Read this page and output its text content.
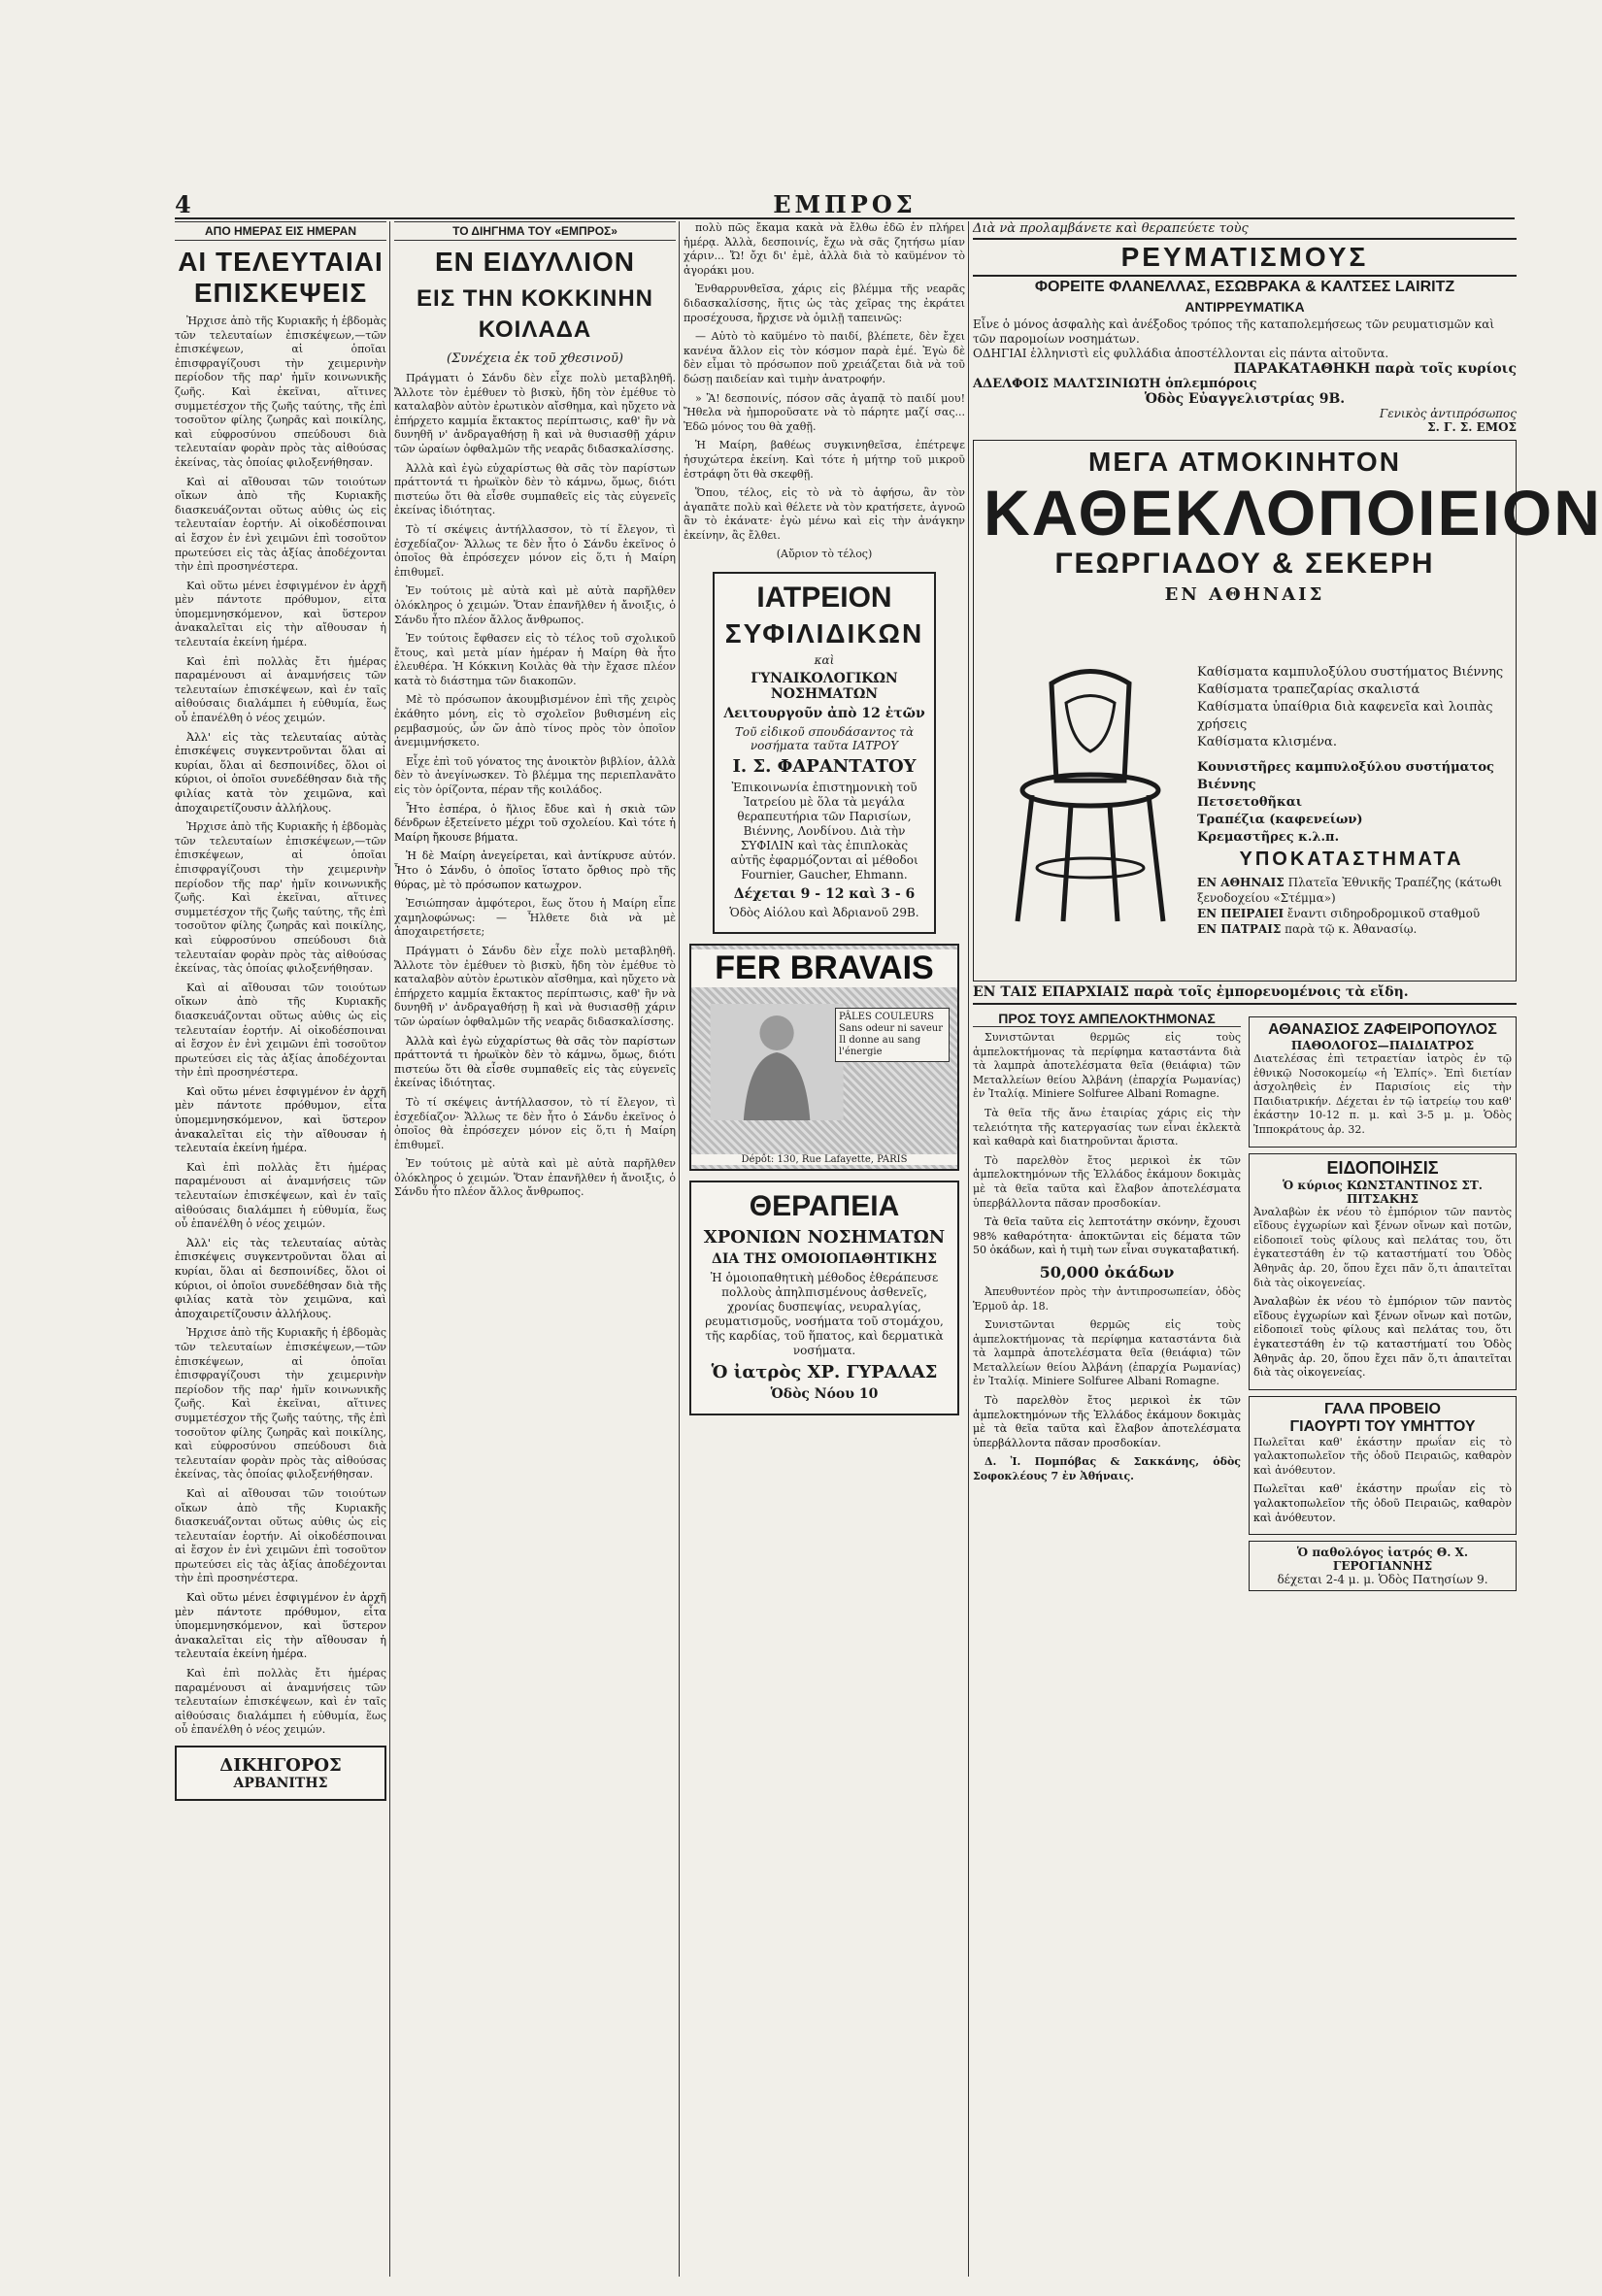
4	ΕΜΠΡΟΣ
ΑΠΟ ΗΜΕΡΑΣ ΕΙΣ ΗΜΕΡΑΝ
ΑΙ ΤΕΛΕΥΤΑΙΑΙ ΕΠΙΣΚΕΨΕΙΣ

Ἠρχισε ἀπὸ τῆς Κυριακῆς ἡ ἑβδομὰς τῶν τελευταίων ἐπισκέψεων,—τῶν ἐπισκέψεων, αἱ ὁποῖαι ἐπισφραγίζουσι τὴν χειμερινὴν περίοδον τῆς παρ' ἡμῖν κοινωνικῆς ζωῆς. Καὶ ἐκεῖναι, αἵτινες συμμετέσχον τῆς ζωῆς ταύτης, τῆς ἐπὶ τοσοῦτον φίλης ζωηρᾶς καὶ ποικίλης, καὶ εὐφροσύνου σπεύδουσι διὰ τελευταίαν φορὰν πρὸς τὰς αἰθούσας ἐκείνας, τὰς ὁποίας φιλοξενήθησαν.

Καὶ αἱ αἴθουσαι τῶν τοιούτων οἴκων ἀπὸ τῆς Κυριακῆς διασκευάζονται οὕτως αὐθις ὡς εἰς τελευταίαν ἑορτήν. Αἱ οἰκοδέσποιναι αἱ ἔσχον ἐν ἑνὶ χειμῶνι ἐπὶ τοσοῦτον πρωτεύσει εἰς τὰς ἀξίας ἀποδέχονται τὴν ἐπὶ προσηνέστερα.

Καὶ οὕτω μένει ἐσφιγμένον ἐν ἀρχῆ μὲν πάντοτε πρόθυμον, εἶτα ὑπομεμνησκόμενον, καὶ ὕστερον ἀνακαλεῖται εἰς τὴν αἴθουσαν ἡ τελευταία ἐκείνη ἡμέρα.

Καὶ ἐπὶ πολλὰς ἔτι ἡμέρας παραμένουσι αἱ ἀναμνήσεις τῶν τελευταίων ἐπισκέψεων, καὶ ἐν ταῖς αἰθούσαις διαλάμπει ἡ εὐθυμία, ἕως οὗ ἐπανέλθη ὁ νέος χειμών.

Ἀλλ' εἰς τὰς τελευταίας αὐτὰς ἐπισκέψεις συγκεντροῦνται ὅλαι αἱ κυρίαι, ὅλαι αἱ δεσποινίδες, ὅλοι οἱ κύριοι, οἱ ὁποῖοι συνεδέθησαν διὰ τῆς φιλίας κατὰ τὸν χειμῶνα, καὶ ἀποχαιρετίζουσιν ἀλλήλους.

Ἠρχισε ἀπὸ τῆς Κυριακῆς ἡ ἑβδομὰς τῶν τελευταίων ἐπισκέψεων,—τῶν ἐπισκέψεων, αἱ ὁποῖαι ἐπισφραγίζουσι τὴν χειμερινὴν περίοδον τῆς παρ' ἡμῖν κοινωνικῆς ζωῆς. Καὶ ἐκεῖναι, αἵτινες συμμετέσχον τῆς ζωῆς ταύτης, τῆς ἐπὶ τοσοῦτον φίλης ζωηρᾶς καὶ ποικίλης, καὶ εὐφροσύνου σπεύδουσι διὰ τελευταίαν φορὰν πρὸς τὰς αἰθούσας ἐκείνας, τὰς ὁποίας φιλοξενήθησαν.

Καὶ αἱ αἴθουσαι τῶν τοιούτων οἴκων ἀπὸ τῆς Κυριακῆς διασκευάζονται οὕτως αὐθις ὡς εἰς τελευταίαν ἑορτήν. Αἱ οἰκοδέσποιναι αἱ ἔσχον ἐν ἑνὶ χειμῶνι ἐπὶ τοσοῦτον πρωτεύσει εἰς τὰς ἀξίας ἀποδέχονται τὴν ἐπὶ προσηνέστερα.

Καὶ οὕτω μένει ἐσφιγμένον ἐν ἀρχῆ μὲν πάντοτε πρόθυμον, εἶτα ὑπομεμνησκόμενον, καὶ ὕστερον ἀνακαλεῖται εἰς τὴν αἴθουσαν ἡ τελευταία ἐκείνη ἡμέρα.

Καὶ ἐπὶ πολλὰς ἔτι ἡμέρας παραμένουσι αἱ ἀναμνήσεις τῶν τελευταίων ἐπισκέψεων, καὶ ἐν ταῖς αἰθούσαις διαλάμπει ἡ εὐθυμία, ἕως οὗ ἐπανέλθη ὁ νέος χειμών.

Ἀλλ' εἰς τὰς τελευταίας αὐτὰς ἐπισκέψεις συγκεντροῦνται ὅλαι αἱ κυρίαι, ὅλαι αἱ δεσποινίδες, ὅλοι οἱ κύριοι, οἱ ὁποῖοι συνεδέθησαν διὰ τῆς φιλίας κατὰ τὸν χειμῶνα, καὶ ἀποχαιρετίζουσιν ἀλλήλους.

Ἠρχισε ἀπὸ τῆς Κυριακῆς ἡ ἑβδομὰς τῶν τελευταίων ἐπισκέψεων,—τῶν ἐπισκέψεων, αἱ ὁποῖαι ἐπισφραγίζουσι τὴν χειμερινὴν περίοδον τῆς παρ' ἡμῖν κοινωνικῆς ζωῆς. Καὶ ἐκεῖναι, αἵτινες συμμετέσχον τῆς ζωῆς ταύτης, τῆς ἐπὶ τοσοῦτον φίλης ζωηρᾶς καὶ ποικίλης, καὶ εὐφροσύνου σπεύδουσι διὰ τελευταίαν φορὰν πρὸς τὰς αἰθούσας ἐκείνας, τὰς ὁποίας φιλοξενήθησαν.

Καὶ αἱ αἴθουσαι τῶν τοιούτων οἴκων ἀπὸ τῆς Κυριακῆς διασκευάζονται οὕτως αὐθις ὡς εἰς τελευταίαν ἑορτήν. Αἱ οἰκοδέσποιναι αἱ ἔσχον ἐν ἑνὶ χειμῶνι ἐπὶ τοσοῦτον πρωτεύσει εἰς τὰς ἀξίας ἀποδέχονται τὴν ἐπὶ προσηνέστερα.

Καὶ οὕτω μένει ἐσφιγμένον ἐν ἀρχῆ μὲν πάντοτε πρόθυμον, εἶτα ὑπομεμνησκόμενον, καὶ ὕστερον ἀνακαλεῖται εἰς τὴν αἴθουσαν ἡ τελευταία ἐκείνη ἡμέρα.

Καὶ ἐπὶ πολλὰς ἔτι ἡμέρας παραμένουσι αἱ ἀναμνήσεις τῶν τελευταίων ἐπισκέψεων, καὶ ἐν ταῖς αἰθούσαις διαλάμπει ἡ εὐθυμία, ἕως οὗ ἐπανέλθη ὁ νέος χειμών.

ΔΙΚΗΓΟΡΟΣ
ΑΡΒΑΝΙΤΗΣ
ΤΟ ΔΙΗΓΗΜΑ ΤΟΥ «ΕΜΠΡΟΣ»
ΕΝ ΕΙΔΥΛΛΙΟΝ
ΕΙΣ ΤΗΝ ΚΟΚΚΙΝΗΝ ΚΟΙΛΑΔΑ
(Συνέχεια ἐκ τοῦ χθεσινοῦ)

Πράγματι ὁ Σάνδυ δὲν εἶχε πολὺ μεταβληθῆ. Ἄλλοτε τὸν ἐμέθυεν τὸ βισκὺ, ἤδη τὸν ἐμέθυε τὸ καταλαβὸν αὐτὸν ἐρωτικὸν αἴσθημα, καὶ ηὔχετο νὰ ἐπήρχετο καμμία ἔκτακτος περίπτωσις, καθ' ἣν νὰ δυνηθῆ ν' ἀνδραγαθήσῃ ἢ καὶ νὰ θυσιασθῇ χάριν τῶν ὡραίων ὀφθαλμῶν τῆς νεαρᾶς διδασκαλίσσης.

Ἀλλὰ καὶ ἐγὼ εὐχαρίστως θὰ σᾶς τὸν παρίστων πράττοντά τι ἡρωϊκὸν δὲν τὸ κάμνω, ὅμως, διότι πιστεύω ὅτι θὰ εἶσθε συμπαθεῖς εἰς τὰς εὐγενεῖς ἐκείνας ἰδιότητας.

Τὸ τί σκέψεις ἀντήλλασσον, τὸ τί ἔλεγον, τὶ ἐσχεδίαζον· Ἄλλως τε δὲν ἦτο ὁ Σάνδυ ἐκεῖνος ὁ ὁποῖος θὰ ἐπρόσεχεν μόνον εἰς ὅ,τι ἡ Μαίρη ἐπιθυμεῖ.

Ἐν τούτοις μὲ αὐτὰ καὶ μὲ αὐτὰ παρῆλθεν ὀλόκληρος ὁ χειμών. Ὅταν ἐπανῆλθεν ἡ ἄνοιξις, ὁ Σάνδυ ἦτο πλέον ἄλλος ἄνθρωπος.

Ἐν τούτοις ἔφθασεν εἰς τὸ τέλος τοῦ σχολικοῦ ἔτους, καὶ μετὰ μίαν ἡμέραν ἡ Μαίρη θὰ ἦτο ἐλευθέρα. Ἡ Κόκκινη Κοιλὰς θὰ τὴν ἔχασε πλέον κατὰ τὸ διάστημα τῶν διακοπῶν.

Μὲ τὸ πρόσωπον ἀκουμβισμένον ἐπὶ τῆς χειρὸς ἐκάθητο μόνη, εἰς τὸ σχολεῖον βυθισμένη εἰς ρεμβασμούς, ὧν ὤν ἀπὸ τίνος πρὸς τὸν ὁποῖον ἀνεμιμνήσκετο.

Εἶχε ἐπὶ τοῦ γόνατος της ἀνοικτὸν βιβλίον, ἀλλὰ δὲν τὸ ἀνεγίνωσκεν. Τὸ βλέμμα της περιεπλανᾶτο εἰς τὸν ὁρίζοντα, πέραν τῆς κοιλάδος.

Ἦτο ἐσπέρα, ὁ ἥλιος ἔδυε καὶ ἡ σκιὰ τῶν δένδρων ἐξετείνετο μέχρι τοῦ σχολείου. Καὶ τότε ἡ Μαίρη ἤκουσε βήματα.

Ἡ δὲ Μαίρη ἀνεγείρεται, καὶ ἀντίκρυσε αὐτόν. Ἦτο ὁ Σάνδυ, ὁ ὁποῖος ἵστατο ὄρθιος πρὸ τῆς θύρας, μὲ τὸ πρόσωπον κατωχρον.

Ἐσιώπησαν ἀμφότεροι, ἕως ὅτου ἡ Μαίρη εἶπε χαμηλοφώνως: — Ἦλθετε διὰ νὰ μὲ ἀποχαιρετήσετε;

Πράγματι ὁ Σάνδυ δὲν εἶχε πολὺ μεταβληθῆ. Ἄλλοτε τὸν ἐμέθυεν τὸ βισκὺ, ἤδη τὸν ἐμέθυε τὸ καταλαβὸν αὐτὸν ἐρωτικὸν αἴσθημα, καὶ ηὔχετο νὰ ἐπήρχετο καμμία ἔκτακτος περίπτωσις, καθ' ἣν νὰ δυνηθῆ ν' ἀνδραγαθήσῃ ἢ καὶ νὰ θυσιασθῇ χάριν τῶν ὡραίων ὀφθαλμῶν τῆς νεαρᾶς διδασκαλίσσης.

Ἀλλὰ καὶ ἐγὼ εὐχαρίστως θὰ σᾶς τὸν παρίστων πράττοντά τι ἡρωϊκὸν δὲν τὸ κάμνω, ὅμως, διότι πιστεύω ὅτι θὰ εἶσθε συμπαθεῖς εἰς τὰς εὐγενεῖς ἐκείνας ἰδιότητας.

Τὸ τί σκέψεις ἀντήλλασσον, τὸ τί ἔλεγον, τὶ ἐσχεδίαζον· Ἄλλως τε δὲν ἦτο ὁ Σάνδυ ἐκεῖνος ὁ ὁποῖος θὰ ἐπρόσεχεν μόνον εἰς ὅ,τι ἡ Μαίρη ἐπιθυμεῖ.

Ἐν τούτοις μὲ αὐτὰ καὶ μὲ αὐτὰ παρῆλθεν ὀλόκληρος ὁ χειμών. Ὅταν ἐπανῆλθεν ἡ ἄνοιξις, ὁ Σάνδυ ἦτο πλέον ἄλλος ἄνθρωπος.

πολὺ πῶς ἔκαμα κακὰ νὰ ἔλθω ἐδῶ ἐν πλήρει ἡμέρᾳ. Ἀλλὰ, δεσποινίς, ἔχω νὰ σᾶς ζητήσω μίαν χάριν... Ὤ! ὄχι δι' ἐμὲ, ἀλλὰ διὰ τὸ καϋμένον τὸ ἀγοράκι μου.

Ἐνθαρρυνθεῖσα, χάρις εἰς βλέμμα τῆς νεαρᾶς διδασκαλίσσης, ἥτις ὡς τὰς χεῖρας της ἐκράτει προσέχουσα, ἤρχισε νὰ ὁμιλῇ ταπεινῶς:

— Αὐτὸ τὸ καϋμένο τὸ παιδί, βλέπετε, δὲν ἔχει κανένα ἄλλον εἰς τὸν κόσμον παρὰ ἐμέ. Ἐγὼ δὲ δὲν εἶμαι τὸ πρόσωπον ποῦ χρειάζεται διὰ νὰ τοῦ δώσῃ παιδείαν καὶ τιμὴν ἀνατροφήν.

» Ἂ! δεσποινίς, πόσον σᾶς ἀγαπᾷ τὸ παιδί μου! Ἤθελα νὰ ἠμποροῦσατε νὰ τὸ πάρητε μαζί σας... Ἐδῶ μόνος του θὰ χαθῇ.

Ἡ Μαίρη, βαθέως συγκινηθεῖσα, ἐπέτρεψε ἡσυχώτερα ἐκείνη. Καὶ τότε ἡ μήτηρ τοῦ μικροῦ ἐστράφη ὅτι θὰ σκεφθῇ.

Ὅπου, τέλος, εἰς τὸ νὰ τὸ ἀφήσω, ἂν τὸν ἀγαπᾶτε πολὺ καὶ θέλετε νὰ τὸν κρατήσετε, ἀγνοῶ ἂν τὸ ἐκάνατε· ἐγὼ μένω καὶ εἰς τὴν ἀνάγκην ἐκείνην, ἂς ἔλθει.

(Αὔριον τὸ τέλος)

ΙΑΤΡΕΙΟΝ
ΣΥΦΙΛΙΔΙΚΩΝ

καὶ

ΓΥΝΑΙΚΟΛΟΓΙΚΩΝ ΝΟΣΗΜΑΤΩΝ

Λειτουργοῦν ἀπὸ 12 ἐτῶν

Τοῦ εἰδικοῦ σπουδάσαντος τὰ νοσήματα ταῦτα ΙΑΤΡΟΥ

Ι. Σ. ΦΑΡΑΝΤΑΤΟΥ

Ἐπικοινωνία ἐπιστημονικὴ τοῦ Ἰατρείου μὲ ὅλα τὰ μεγάλα θεραπευτήρια τῶν Παρισίων, Βιέννης, Λονδίνου. Διὰ τὴν ΣΥΦΙΛΙΝ καὶ τὰς ἐπιπλοκὰς αὐτῆς ἐφαρμόζονται αἱ μέθοδοι Fournier, Gaucher, Ehmann.

Δέχεται 9 - 12 καὶ 3 - 6

Ὁδὸς Αἰόλου καὶ Ἀδριανοῦ 29Β.

FER BRAVAIS
PÂLES COULEURS
Sans odeur ni saveur
Il donne au sang l'énergie
Dépôt: 130, Rue Lafayette, PARIS
ΘΕΡΑΠΕΙΑ

ΧΡΟΝΙΩΝ ΝΟΣΗΜΑΤΩΝ

ΔΙΑ ΤΗΣ ΟΜΟΙΟΠΑΘΗΤΙΚΗΣ

Ἡ ὁμοιοπαθητικὴ μέθοδος ἐθεράπευσε πολλοὺς ἀπηλπισμένους ἀσθενεῖς, χρονίας δυσπεψίας, νευραλγίας, ρευματισμοῦς, νοσήματα τοῦ στομάχου, τῆς καρδίας, τοῦ ἥπατος, καὶ δερματικὰ νοσήματα.

Ὁ ἰατρὸς ΧΡ. ΓΥΡΑΛΑΣ

Ὁδὸς Νόου 10

Διὰ νὰ προλαμβάνετε καὶ θεραπεύετε τοὺς
ΡΕΥΜΑΤΙΣΜΟΥΣ
ΦΟΡΕΙΤΕ ΦΛΑΝΕΛΛΑΣ, ΕΣΩΒΡΑΚΑ & ΚΑΛΤΣΕΣ LAIRITZ
ΑΝΤΙΡΡΕΥΜΑΤΙΚΑ
Εἶνε ὁ μόνος ἀσφαλὴς καὶ ἀνέξοδος τρόπος τῆς καταπολεμήσεως τῶν ρευματισμῶν καὶ τῶν παρομοίων νοσημάτων.
ΟΔΗΓΙΑΙ ἑλληνιστὶ εἰς φυλλάδια ἀποστέλλονται εἰς πάντα αἰτοῦντα.
ΠΑΡΑΚΑΤΑΘΗΚΗ παρὰ τοῖς κυρίοις
ΑΔΕΛΦΟΙΣ ΜΑΛΤΣΙΝΙΩΤΗ ὁπλεμπόροις
Ὁδὸς Εὐαγγελιστρίας 9Β.
Γενικὸς ἀντιπρόσωπος
Σ. Γ. Σ. ΕΜΟΣ
ΜΕΓΑ ΑΤΜΟΚΙΝΗΤΟΝ
ΚΑΘΕΚΛΟΠΟΙΕΙΟΝ
ΓΕΩΡΓΙΑΔΟΥ & ΣΕΚΕΡΗ
ΕΝ ΑΘΗΝΑΙΣ
Καθίσματα καμπυλοξύλου συστήματος Βιέννης
Καθίσματα τραπεζαρίας σκαλιστά
Καθίσματα ὑπαίθρια διὰ καφενεῖα καὶ λοιπὰς χρήσεις
Καθίσματα κλισμένα.
Κουνιστῆρες καμπυλοξύλου συστήματος Βιέννης
Πετσετοθῆκαι
Τραπέζια (καφενείων)
Κρεμαστῆρες κ.λ.π.
ΥΠΟΚΑΤΑΣΤΗΜΑΤΑ
ΕΝ ΑΘΗΝΑΙΣ Πλατεῖα Ἐθνικῆς Τραπέζης (κάτωθι ξενοδοχείου «Στέμμα»)
ΕΝ ΠΕΙΡΑΙΕΙ ἔναντι σιδηροδρομικοῦ σταθμοῦ
ΕΝ ΠΑΤΡΑΙΣ παρὰ τῷ κ. Ἀθανασίῳ.
ΕΝ ΤΑΙΣ ΕΠΑΡΧΙΑΙΣ παρὰ τοῖς ἐμπορευομένοις τὰ εἴδη.
ΠΡΟΣ ΤΟΥΣ ΑΜΠΕΛΟΚΤΗΜΟΝΑΣ

Συνιστῶνται θερμῶς εἰς τοὺς ἀμπελοκτήμονας τὰ περίφημα καταστάντα διὰ τὰ λαμπρὰ ἀποτελέσματα θεῖα (θειάφια) τῶν Μεταλλείων θείου Ἀλβάνη (ἐπαρχία Ρωμανίας) ἐν Ἰταλίᾳ. Miniere Solfuree Albani Romagne.

Τὰ θεῖα τῆς ἄνω ἐταιρίας χάρις εἰς τὴν τελειότητα τῆς κατεργασίας των εἶναι ἐκλεκτὰ καὶ καθαρὰ καὶ διατηροῦνται ἄριστα.

Τὸ παρελθὸν ἔτος μερικοὶ ἐκ τῶν ἀμπελοκτημόνων τῆς Ἑλλάδος ἐκάμουν δοκιμὰς μὲ τὰ θεῖα ταῦτα καὶ ἔλαβον ἀποτελέσματα ὑπερβάλλοντα πᾶσαν προσδοκίαν.

Τὰ θεῖα ταῦτα εἰς λεπτοτάτην σκόνην, ἔχουσι 98% καθαρότητα· ἀποκτῶνται εἰς δέματα τῶν 50 ὀκάδων, καὶ ἡ τιμὴ των εἶναι συγκαταβατική.

50,000 ὀκάδων

Ἀπευθυντέον πρὸς τὴν ἀντιπροσωπείαν, ὁδὸς Ἑρμοῦ ἀρ. 18.

Συνιστῶνται θερμῶς εἰς τοὺς ἀμπελοκτήμονας τὰ περίφημα καταστάντα διὰ τὰ λαμπρὰ ἀποτελέσματα θεῖα (θειάφια) τῶν Μεταλλείων θείου Ἀλβάνη (ἐπαρχία Ρωμανίας) ἐν Ἰταλίᾳ. Miniere Solfuree Albani Romagne.

Τὸ παρελθὸν ἔτος μερικοὶ ἐκ τῶν ἀμπελοκτημόνων τῆς Ἑλλάδος ἐκάμουν δοκιμὰς μὲ τὰ θεῖα ταῦτα καὶ ἔλαβον ἀποτελέσματα ὑπερβάλλοντα πᾶσαν προσδοκίαν.

Δ. Ἰ. Πομπόβας & Σακκάνης, ὁδὸς Σοφοκλέους 7 ἐν Ἀθήναις.

ΑΘΑΝΑΣΙΟΣ ΖΑΦΕΙΡΟΠΟΥΛΟΣ
ΠΑΘΟΛΟΓΟΣ—ΠΑΙΔΙΑΤΡΟΣ

Διατελέσας ἐπὶ τετραετίαν ἰατρὸς ἐν τῷ ἐθνικῷ Νοσοκομείῳ «ἡ Ἐλπίς». Ἐπὶ διετίαν ἀσχοληθεὶς ἐν Παρισίοις εἰς τὴν Παιδιατρικήν. Δέχεται ἐν τῷ ἰατρείῳ του καθ' ἑκάστην 10-12 π. μ. καὶ 3-5 μ. μ. Ὁδὸς Ἱπποκράτους ἀρ. 32.

ΕΙΔΟΠΟΙΗΣΙΣ
Ὁ κύριος ΚΩΝΣΤΑΝΤΙΝΟΣ ΣΤ. ΠΙΤΣΑΚΗΣ

Ἀναλαβὼν ἐκ νέου τὸ ἐμπόριον τῶν παντὸς εἴδους ἐγχωρίων καὶ ξένων οἴνων καὶ ποτῶν, εἰδοποιεῖ τοὺς φίλους καὶ πελάτας του, ὅτι ἐγκατεστάθη ἐν τῷ καταστήματί του Ὁδὸς Ἀθηνᾶς ἀρ. 20, ὅπου ἔχει πᾶν ὅ,τι ἀπαιτεῖται διὰ τὰς οἰκογενείας.

Ἀναλαβὼν ἐκ νέου τὸ ἐμπόριον τῶν παντὸς εἴδους ἐγχωρίων καὶ ξένων οἴνων καὶ ποτῶν, εἰδοποιεῖ τοὺς φίλους καὶ πελάτας του, ὅτι ἐγκατεστάθη ἐν τῷ καταστήματί του Ὁδὸς Ἀθηνᾶς ἀρ. 20, ὅπου ἔχει πᾶν ὅ,τι ἀπαιτεῖται διὰ τὰς οἰκογενείας.

ΓΑΛΑ ΠΡΟΒΕΙΟ
ΓΙΑΟΥΡΤΙ ΤΟΥ ΥΜΗΤΤΟΥ

Πωλεῖται καθ' ἑκάστην πρωΐαν εἰς τὸ γαλακτοπωλεῖον τῆς ὁδοῦ Πειραιῶς, καθαρὸν καὶ ἀνόθευτον.

Πωλεῖται καθ' ἑκάστην πρωΐαν εἰς τὸ γαλακτοπωλεῖον τῆς ὁδοῦ Πειραιῶς, καθαρὸν καὶ ἀνόθευτον.

Ὁ παθολόγος ἰατρός Θ. Χ. ΓΕΡΟΓΙΑΝΝΗΣ
δέχεται 2-4 μ. μ. Ὁδὸς Πατησίων 9.
